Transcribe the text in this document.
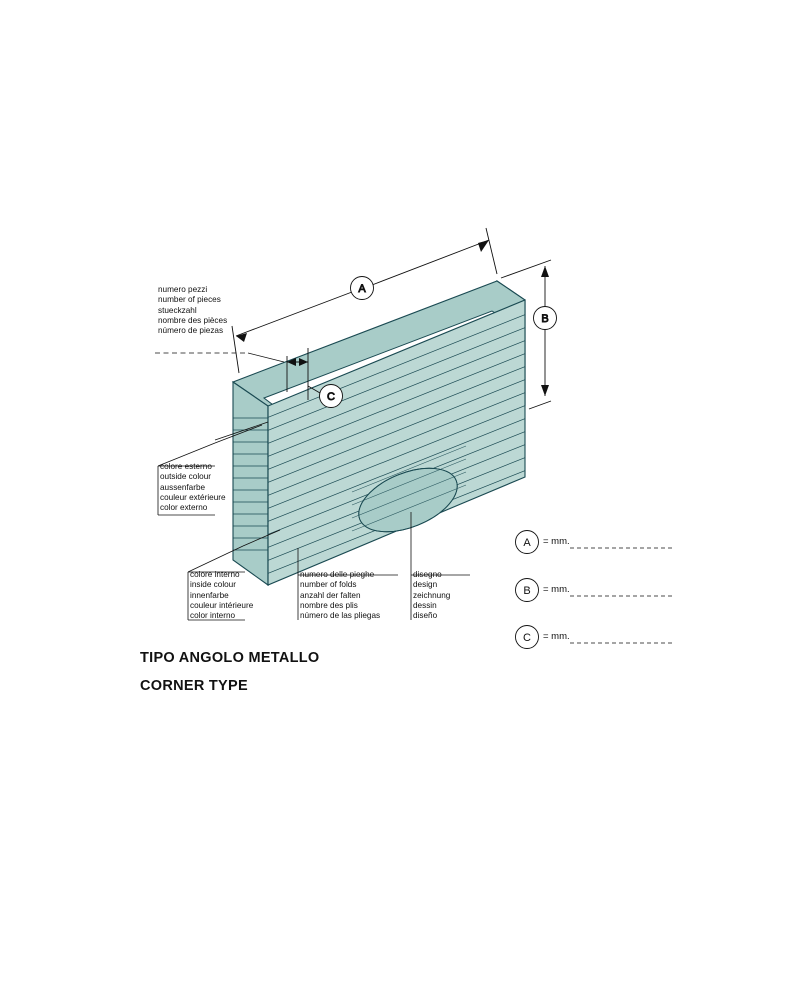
A
B
C
A
B
C
numero pezzi
number of pieces
stueckzahl
nombre des pièces
número de piezas
colore esterno
outside colour
aussenfarbe
couleur extérieure
color externo
colore interno
inside colour
innenfarbe
couleur intérieure
color interno
numero delle pieghe
number of folds
anzahl der falten
nombre des plis
número de las pliegas
disegno
design
zeichnung
dessin
diseño
= mm.
= mm.
= mm.
TIPO ANGOLO METALLO
CORNER TYPE
